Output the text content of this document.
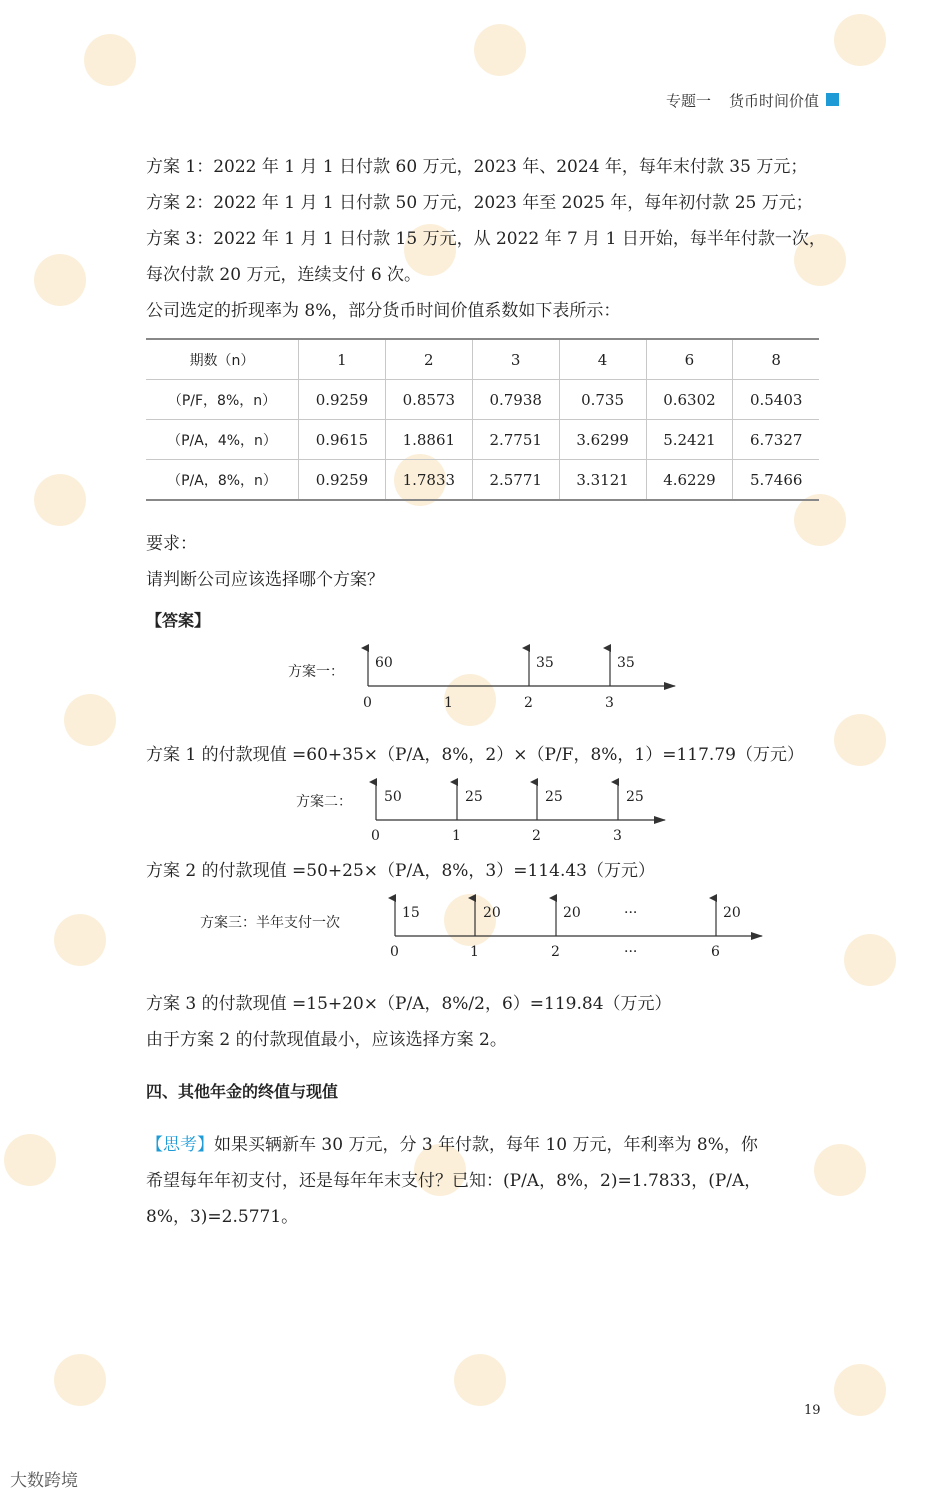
专题一 货币时间价值
方案 1：2022 年 1 月 1 日付款 60 万元，2023 年、2024 年，每年末付款 35 万元；
方案 2：2022 年 1 月 1 日付款 50 万元，2023 年至 2025 年，每年初付款 25 万元；
方案 3：2022 年 1 月 1 日付款 15 万元，从 2022 年 7 月 1 日开始，每半年付款一次，
每次付款 20 万元，连续支付 6 次。
公司选定的折现率为 8%，部分货币时间价值系数如下表所示：
期数（n）	1	2	3	4	6	8
（P/F，8%，n）	0.9259	0.8573	0.7938	0.735	0.6302	0.5403
（P/A，4%，n）	0.9615	1.8861	2.7751	3.6299	5.2421	6.7327
（P/A，8%，n）	0.9259	1.7833	2.5771	3.3121	4.6229	5.7466
要求：
请判断公司应该选择哪个方案？
【答案】
方案一：
60	35	35
0	1	2	3
方案二： 50	25	25	25
0	1	2	3
方案三：半年支付一次
15	20	20	···	20
0	1	2	···	6
方案 1 的付款现值 =60+35×（P/A，8%，2）×（P/F，8%，1）=117.79（万元）
方案 2 的付款现值 =50+25×（P/A，8%，3）=114.43（万元）
方案 3 的付款现值 =15+20×（P/A，8%/2，6）=119.84（万元）
由于方案 2 的付款现值最小，应该选择方案 2。
四、其他年金的终值与现值
【思考】如果买辆新车 30 万元，分 3 年付款，每年 10 万元，年利率为 8%，你
希望每年年初支付，还是每年年末支付？已知：(P/A，8%，2)=1.7833，(P/A，
8%，3)=2.5771。
19
大数跨境
